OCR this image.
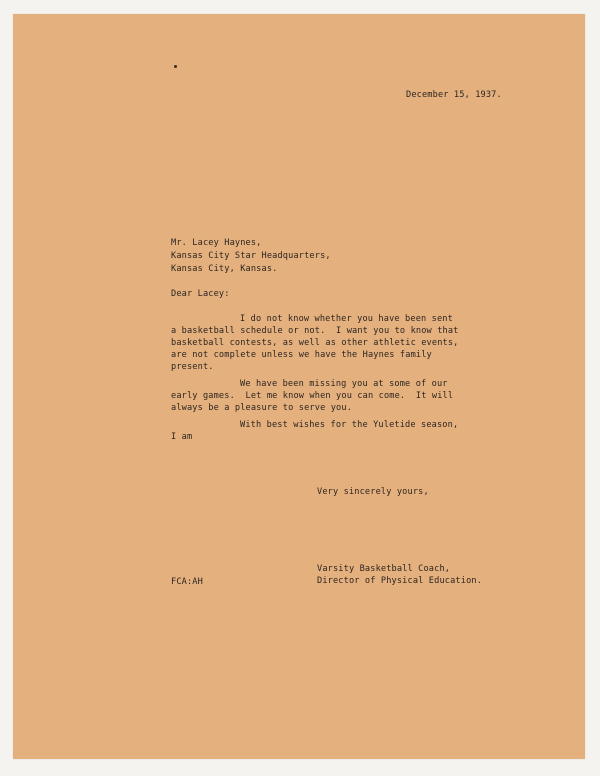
December 15, 1937.
Mr. Lacey Haynes,
Kansas City Star Headquarters,
Kansas City, Kansas.
Dear Lacey:
I do not know whether you have been sent
a basketball schedule or not.  I want you to know that
basketball contests, as well as other athletic events,
are not complete unless we have the Haynes family
present.
We have been missing you at some of our
early games.  Let me know when you can come.  It will
always be a pleasure to serve you.
With best wishes for the Yuletide season,
I am
Very sincerely yours,
FCA:AH
Varsity Basketball Coach,
Director of Physical Education.
